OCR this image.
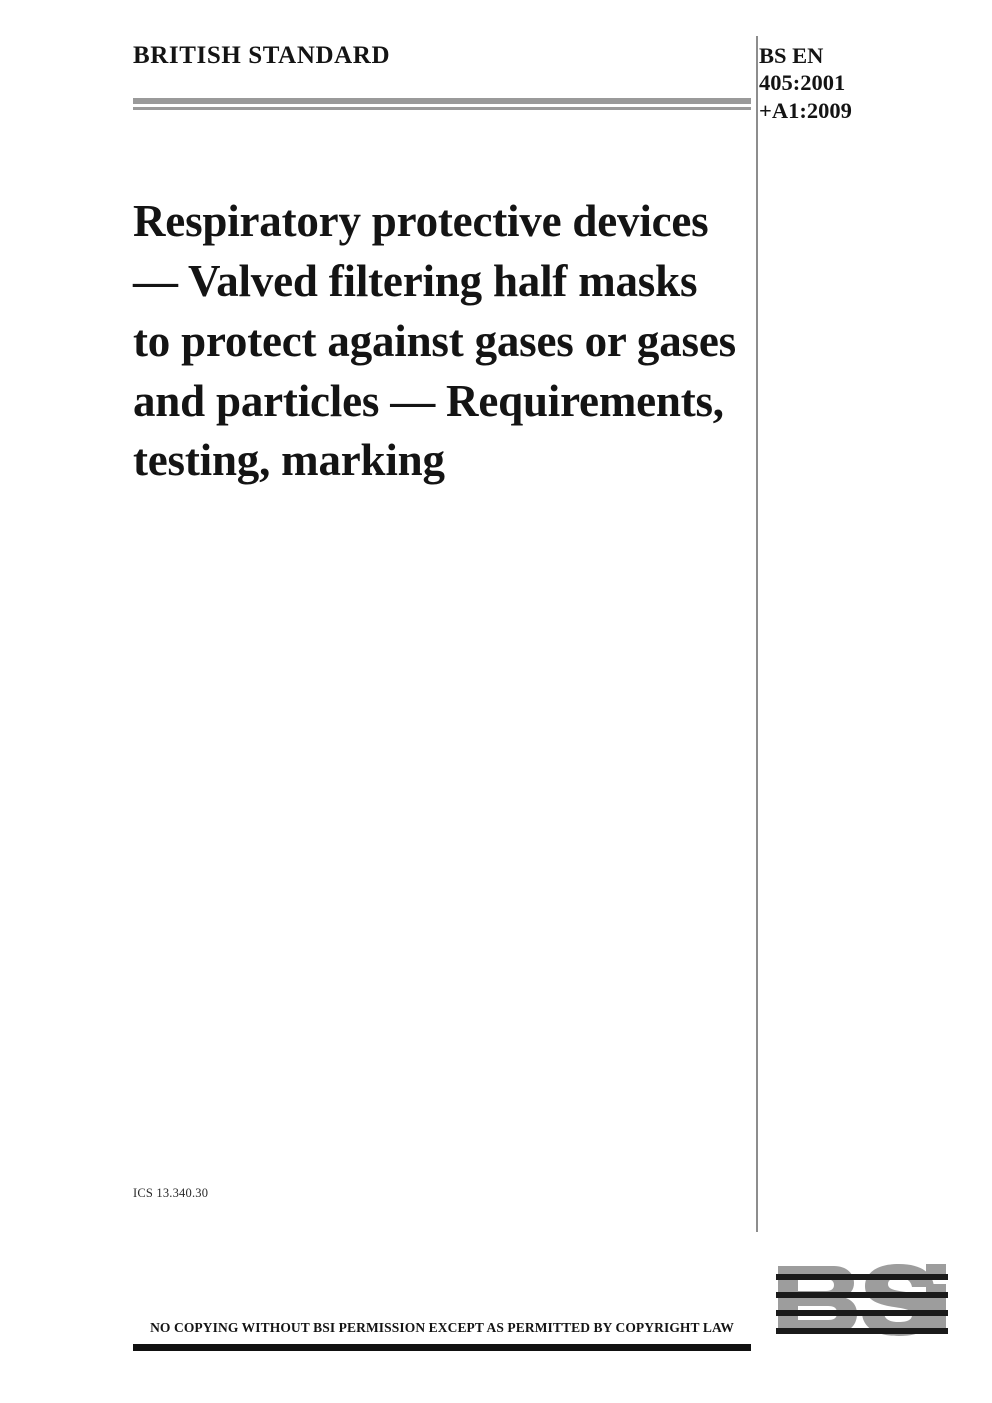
BRITISH STANDARD	BS EN
405:2001
+A1:2009
Respiratory protective devices — Valved filtering half masks to protect against gases or gases and particles — Requirements, testing, marking
ICS 13.340.30
NO COPYING WITHOUT BSI PERMISSION EXCEPT AS PERMITTED BY COPYRIGHT LAW
